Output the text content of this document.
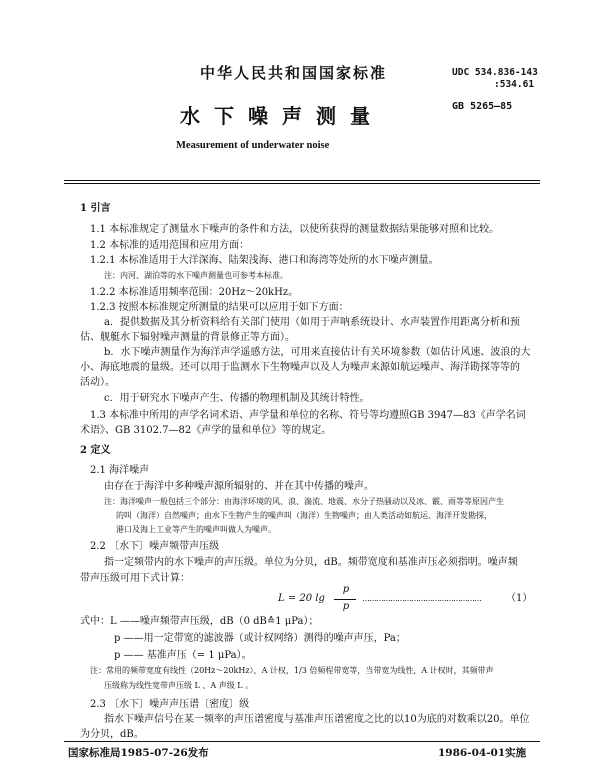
中华人民共和国国家标准	UDC 534.836-143
:534.61
GB 5265—85
水下噪声测量
Measurement of underwater noise
1 引言
1.1 本标准规定了测量水下噪声的条件和方法，以使所获得的测量数据结果能够对照和比较。
1.2 本标准的适用范围和应用方面：
1.2.1 本标准适用于大洋深海、陆架浅海、港口和海湾等处所的水下噪声测量。
注：内河、湖泊等的水下噪声测量也可参考本标准。
1.2.2 本标准适用频率范围：20Hz～20kHz。
1.2.3 按照本标准规定所测量的结果可以应用于如下方面：
a．提供数据及其分析资料给有关部门使用（如用于声呐系统设计、水声装置作用距离分析和预
估、舰艇水下辐射噪声测量的背景修正等方面）。
b．水下噪声测量作为海洋声学遥感方法，可用来直接估计有关环境参数（如估计风速、波浪的大
小、海底地震的量级。还可以用于监测水下生物噪声以及人为噪声来源如航运噪声、海洋勘探等等的
活动）。
c．用于研究水下噪声产生、传播的物理机制及其统计特性。
1.3 本标准中所用的声学名词术语、声学量和单位的名称、符号等均遵照GB 3947—83《声学名词
术语》、GB 3102.7—82《声学的量和单位》等的规定。
2 定义
2.1 海洋噪声
由存在于海洋中多种噪声源所辐射的、并在其中传播的噪声。
注：海洋噪声一般包括三个部分：由海洋环境的风、浪、湍流、地震、水分子热骚动以及冰、霰、雨等等原因产生
的叫（海洋）自然噪声；由水下生物产生的噪声叫（海洋）生物噪声；由人类活动如航运、海洋开发勘探，
港口及海上工业等产生的噪声叫做人为噪声。
2.2 〔水下〕噪声频带声压级
指一定频带内的水下噪声的声压级。单位为分贝，dB。频带宽度和基准声压必须指明。噪声频
带声压级可用下式计算：
L = 20 lg
p
p
……………………………………………	（1）
式中：L ——噪声频带声压级，dB（0 dB≙1 μPa）；
p ——用一定带宽的滤波器（或计权网络）测得的噪声声压，Pa；
p —— 基准声压（= 1 μPa）。
注：常用的频带宽度有线性（20Hz～20kHz），A 计权，1/3 倍频程带宽等，当带宽为线性，A 计权时，其频带声
压级称为线性宽带声压级 L 、A 声级 L 。
2.3 〔水下〕噪声声压谱〔密度〕级
指水下噪声信号在某一频率的声压谱密度与基准声压谱密度之比的以10为底的对数乘以20。单位
为分贝，dB。
国家标准局1985-07-26发布	1986-04-01实施
